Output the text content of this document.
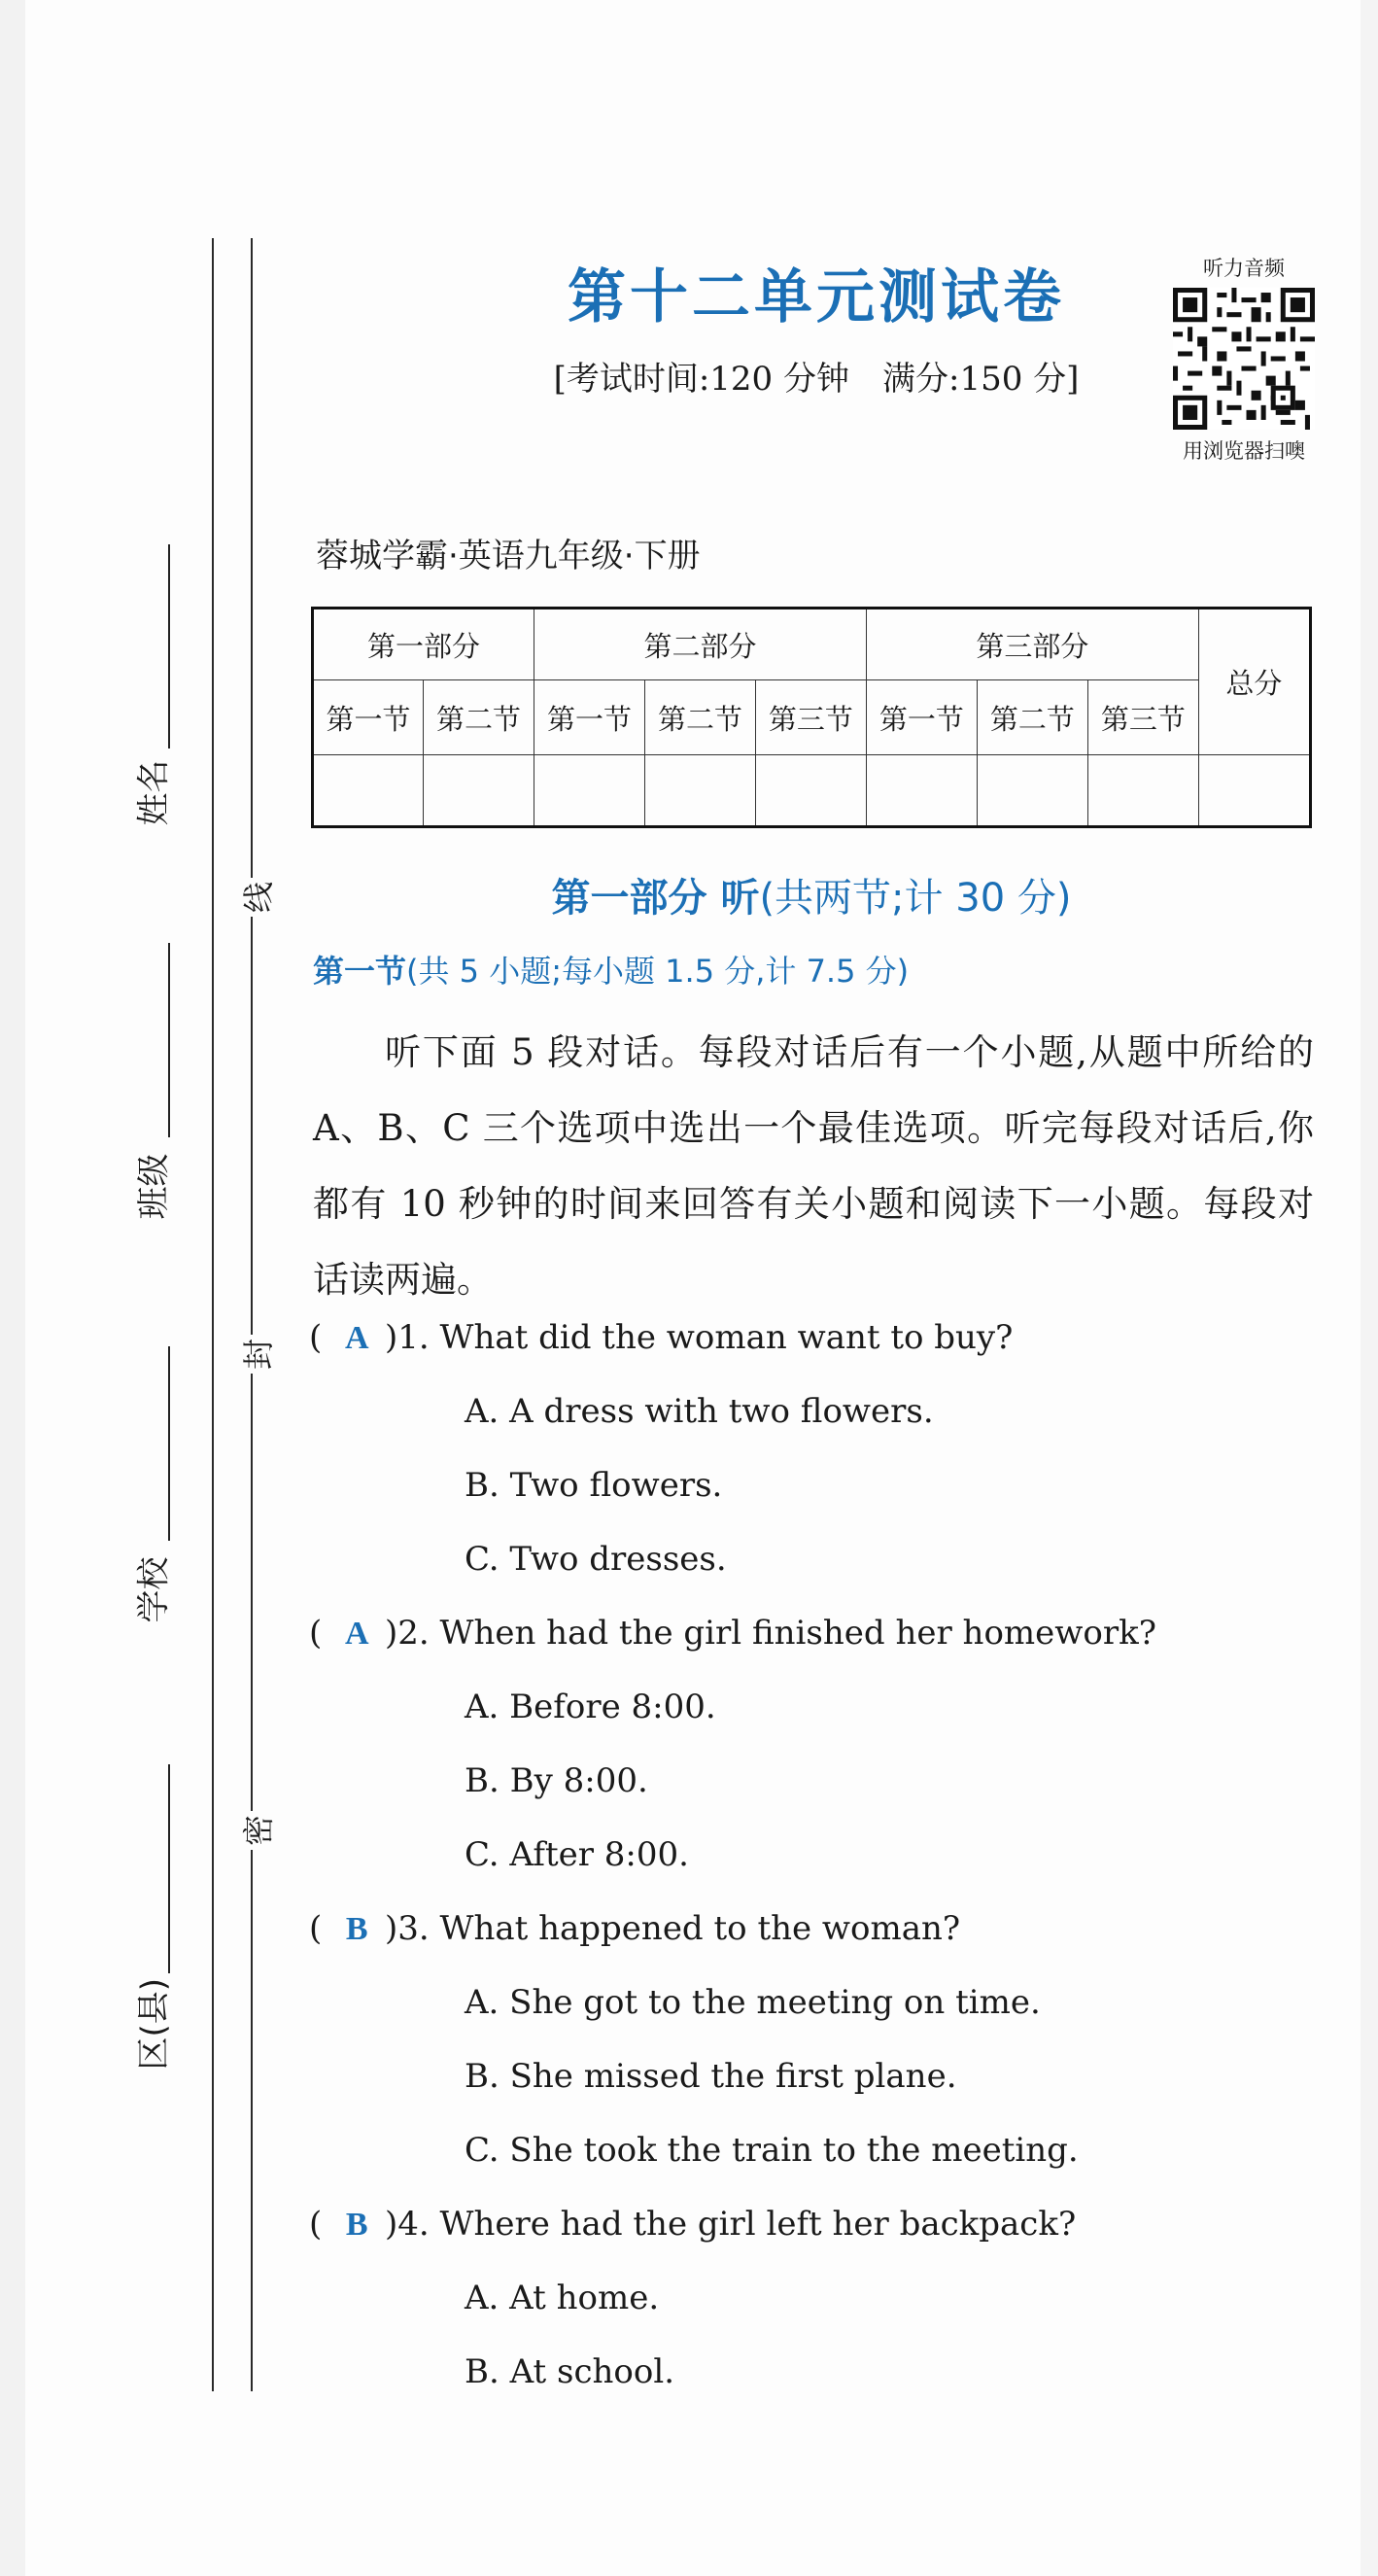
姓名
班级
学校
区(县)
线
封
密
第十二单元测试卷
[考试时间:120 分钟　满分:150 分]
听力音频
用浏览器扫噢
蓉城学霸·英语九年级·下册
第一部分		第二部分			第三部分			总分
第一节	第二节	第一节	第二节	第三节	第一节	第二节	第三节	

第一部分 听(共两节;计 30 分)
第一节(共 5 小题;每小题 1.5 分,计 7.5 分)
听下面 5 段对话。每段对话后有一个小题,从题中所给的 A、B、C 三个选项中选出一个最佳选项。听完每段对话后,你都有 10 秒钟的时间来回答有关小题和阅读下一小题。每段对话读两遍。
( A )1. What did the woman want to buy?
A. A dress with two flowers.
B. Two flowers.
C. Two dresses.
( A )2. When had the girl finished her homework?
A. Before 8:00.
B. By 8:00.
C. After 8:00.
( B )3. What happened to the woman?
A. She got to the meeting on time.
B. She missed the first plane.
C. She took the train to the meeting.
( B )4. Where had the girl left her backpack?
A. At home.
B. At school.
